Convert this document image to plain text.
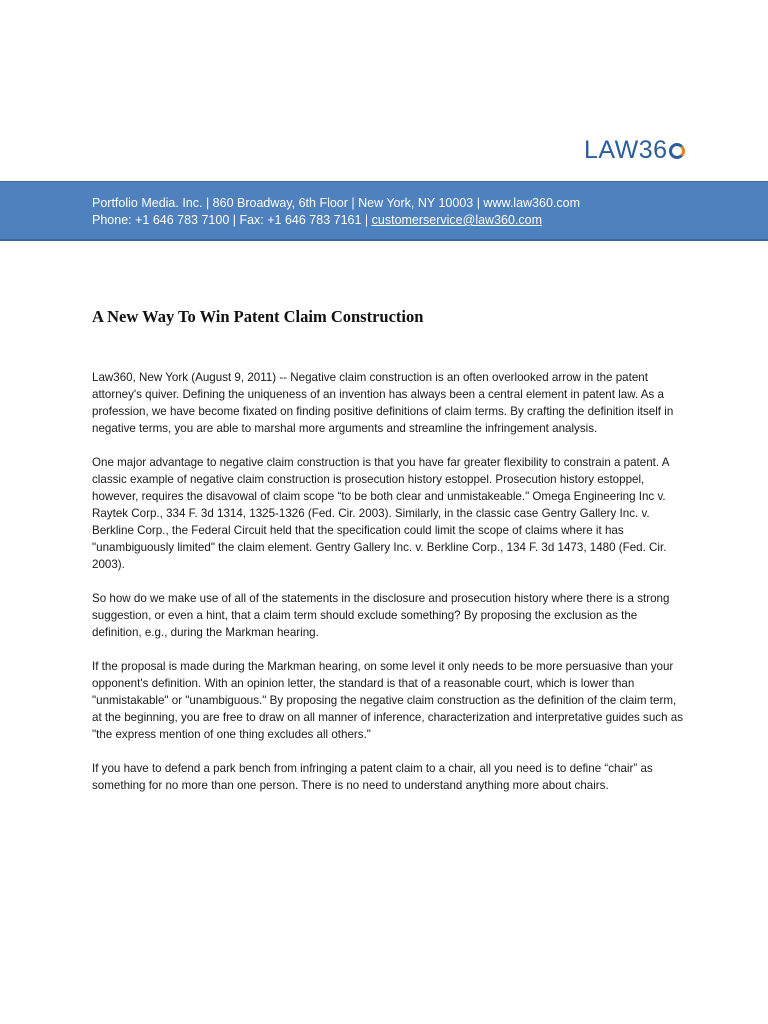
LAW 36
Portfolio Media. Inc. | 860 Broadway, 6th Floor | New York, NY 10003 | www.law360.com
Phone: +1 646 783 7100 | Fax: +1 646 783 7161 | customerservice@law360.com
A New Way To Win Patent Claim Construction

Law360, New York (August 9, 2011) -- Negative claim construction is an often overlooked arrow in the patent attorney's quiver. Defining the uniqueness of an invention has always been a central element in patent law. As a profession, we have become fixated on finding positive definitions of claim terms. By crafting the definition itself in negative terms, you are able to marshal more arguments and streamline the infringement analysis.

One major advantage to negative claim construction is that you have far greater flexibility to constrain a patent. A classic example of negative claim construction is prosecution history estoppel. Prosecution history estoppel, however, requires the disavowal of claim scope “to be both clear and unmistakeable." Omega Engineering Inc v. Raytek Corp., 334 F. 3d 1314, 1325-1326 (Fed. Cir. 2003). Similarly, in the classic case Gentry Gallery Inc. v. Berkline Corp., the Federal Circuit held that the specification could limit the scope of claims where it has "unambiguously limited" the claim element. Gentry Gallery Inc. v. Berkline Corp., 134 F. 3d 1473, 1480 (Fed. Cir. 2003).

So how do we make use of all of the statements in the disclosure and prosecution history where there is a strong suggestion, or even a hint, that a claim term should exclude something? By proposing the exclusion as the definition, e.g., during the Markman hearing.

If the proposal is made during the Markman hearing, on some level it only needs to be more persuasive than your opponent's definition. With an opinion letter, the standard is that of a reasonable court, which is lower than "unmistakable" or "unambiguous." By proposing the negative claim construction as the definition of the claim term, at the beginning, you are free to draw on all manner of inference, characterization and interpretative guides such as "the express mention of one thing excludes all others."

If you have to defend a park bench from infringing a patent claim to a chair, all you need is to define “chair” as something for no more than one person. There is no need to understand anything more about chairs.
